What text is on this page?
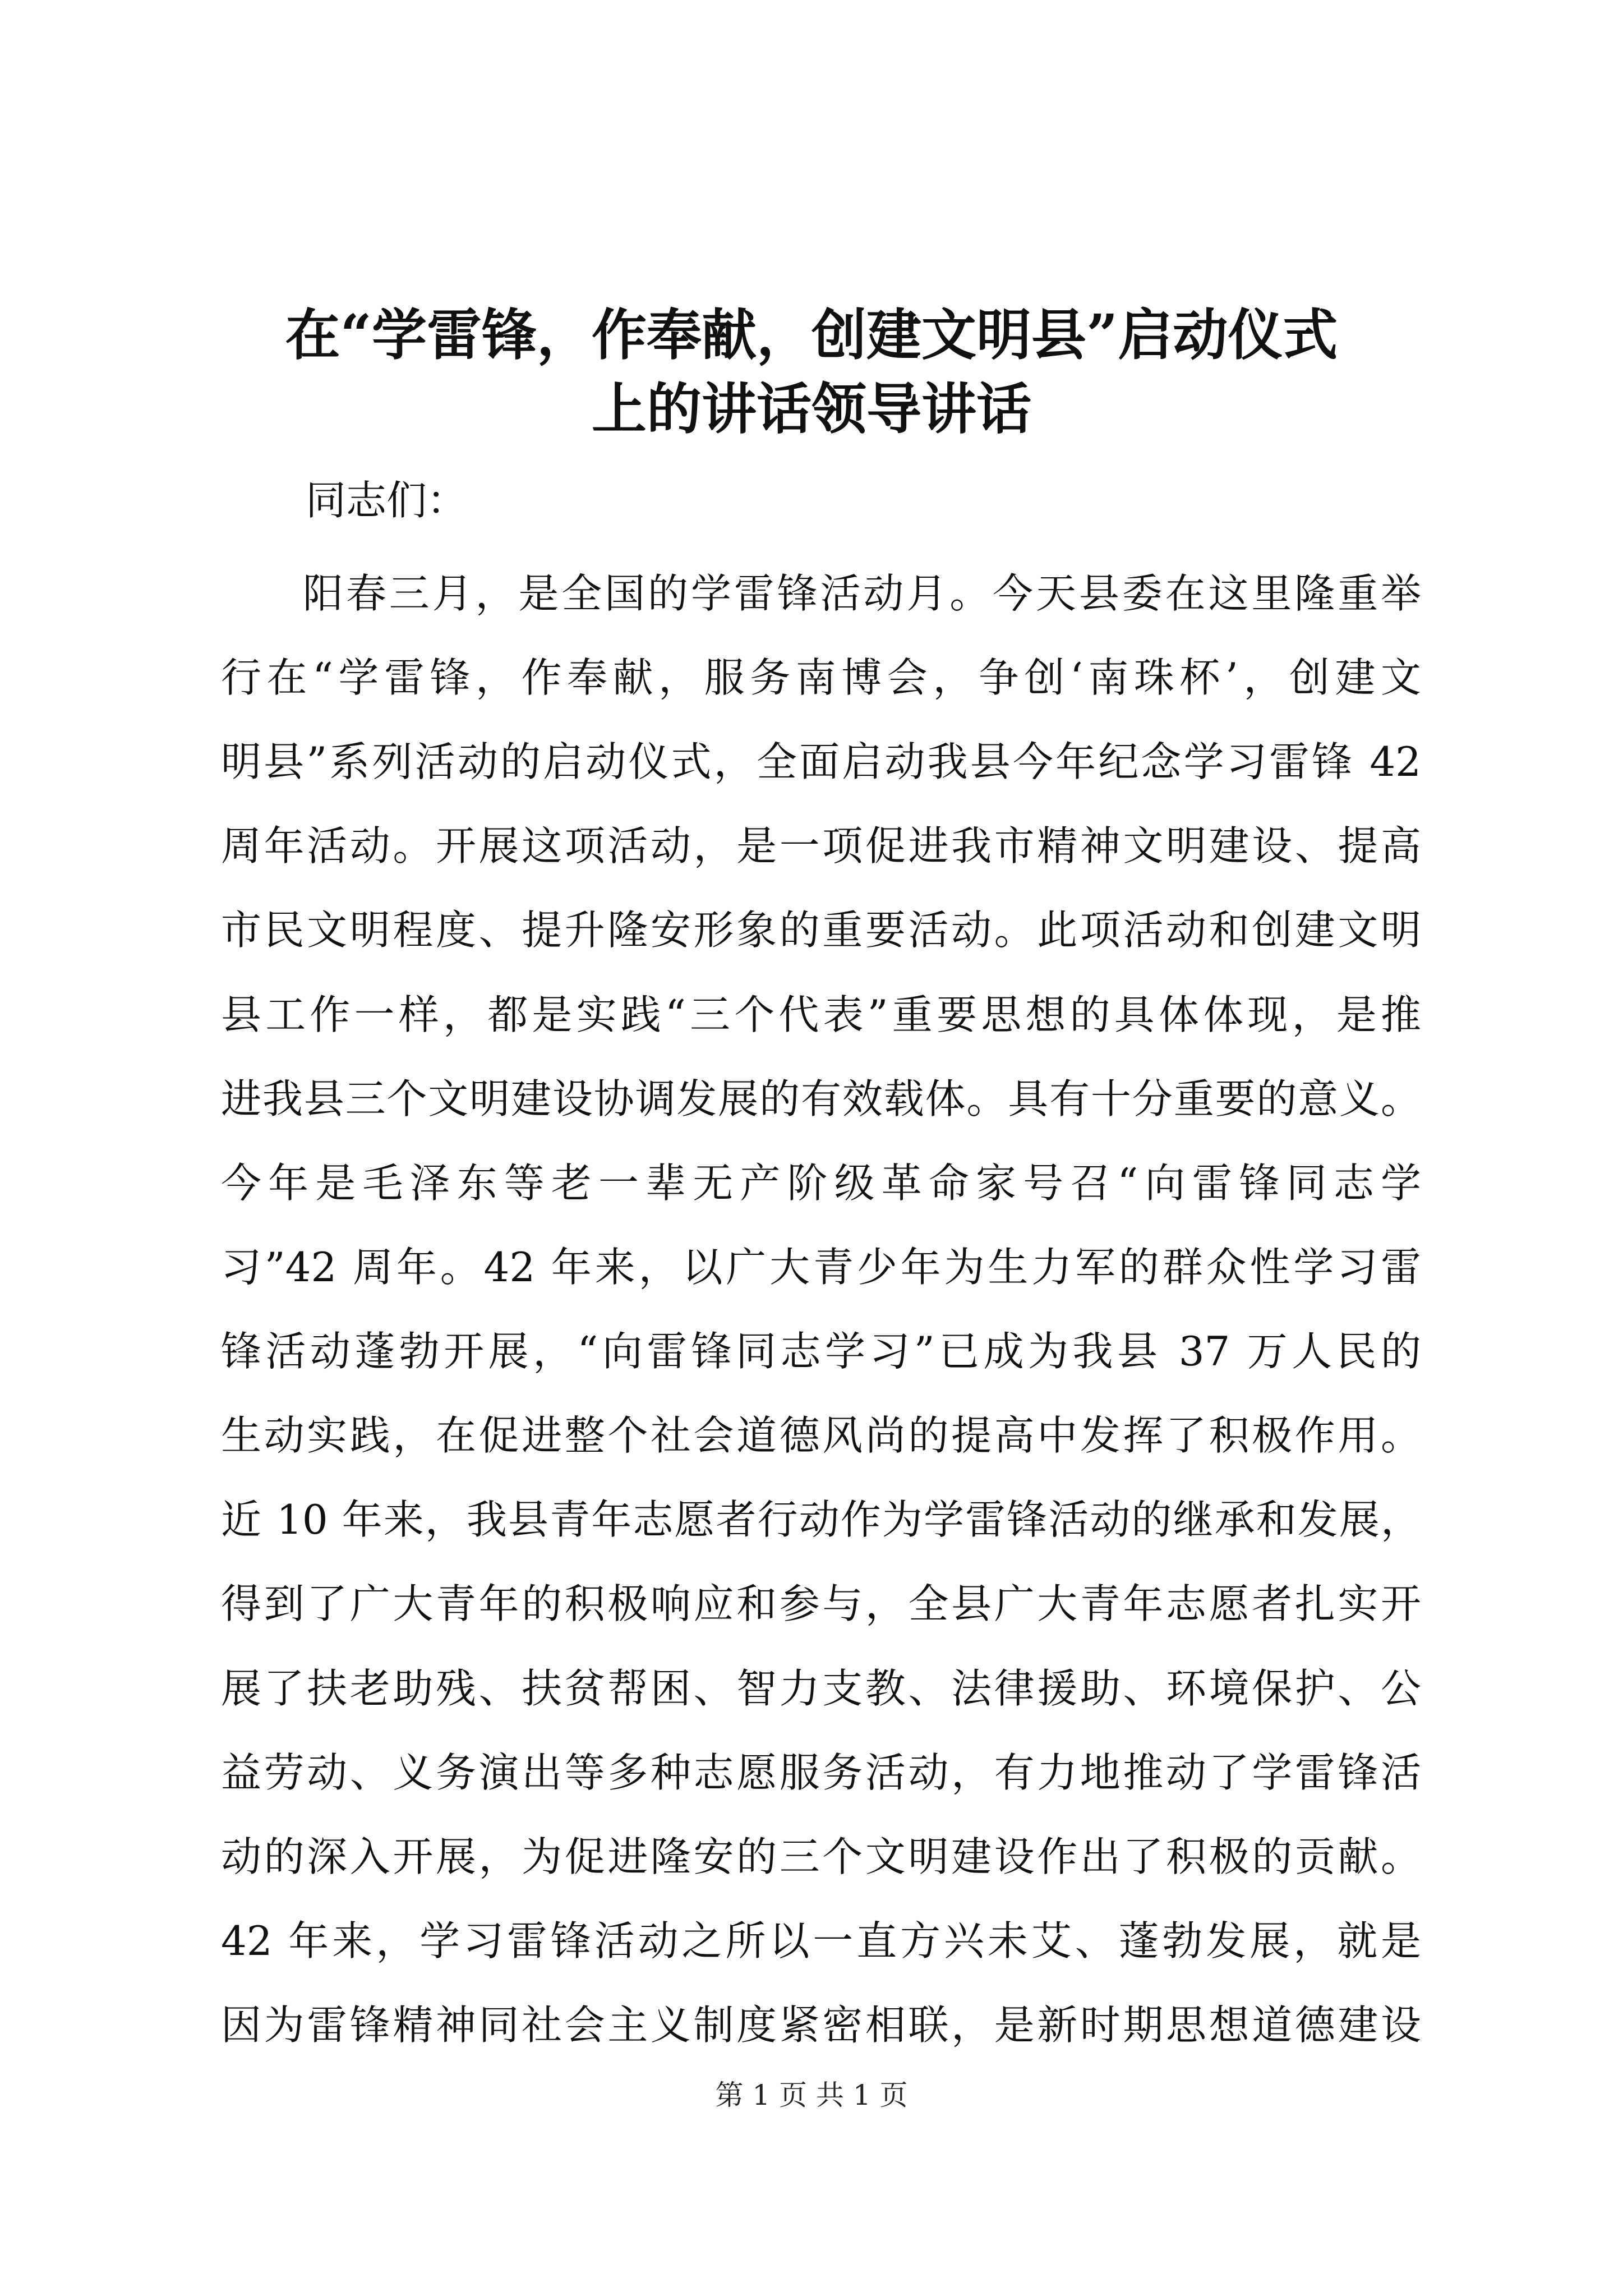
在“学雷锋，作奉献，创建文明县”启动仪式
上的讲话领导讲话
同志们：
阳春三月，是全国的学雷锋活动月。今天县委在这里隆重举
行在“学雷锋，作奉献，服务南博会，争创‘南珠杯’，创建文
明县”系列活动的启动仪式，全面启动我县今年纪念学习雷锋 42
周年活动。开展这项活动，是一项促进我市精神文明建设、提高
市民文明程度、提升隆安形象的重要活动。此项活动和创建文明
县工作一样，都是实践“三个代表”重要思想的具体体现，是推
进我县三个文明建设协调发展的有效载体。具有十分重要的意义。
今年是毛泽东等老一辈无产阶级革命家号召“向雷锋同志学
习”42 周年。42 年来，以广大青少年为生力军的群众性学习雷
锋活动蓬勃开展，“向雷锋同志学习”已成为我县 37 万人民的
生动实践，在促进整个社会道德风尚的提高中发挥了积极作用。
近 10 年来，我县青年志愿者行动作为学雷锋活动的继承和发展，
得到了广大青年的积极响应和参与，全县广大青年志愿者扎实开
展了扶老助残、扶贫帮困、智力支教、法律援助、环境保护、公
益劳动、义务演出等多种志愿服务活动，有力地推动了学雷锋活
动的深入开展，为促进隆安的三个文明建设作出了积极的贡献。
第 1 页 共 1 页
42 年来，学习雷锋活动之所以一直方兴未艾、蓬勃发展，就是
因为雷锋精神同社会主义制度紧密相联，是新时期思想道德建设
